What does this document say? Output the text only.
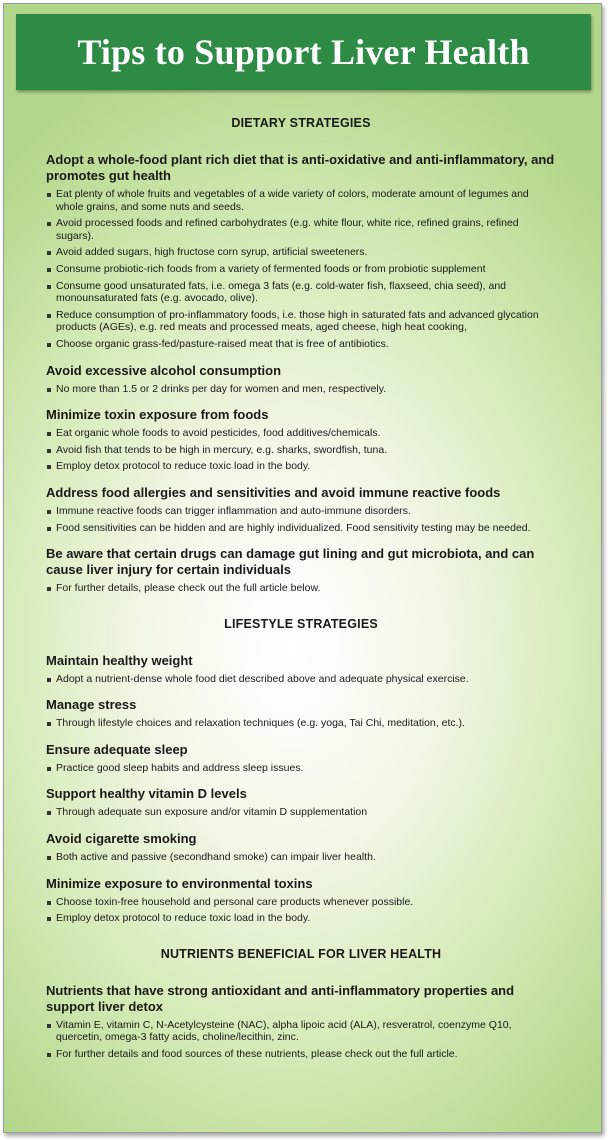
Tips to Support Liver Health
DIETARY STRATEGIES
Adopt a whole-food plant rich diet that is anti-oxidative and anti-inflammatory, and promotes gut health
Eat plenty of whole fruits and vegetables of a wide variety of colors, moderate amount of legumes and whole grains, and some nuts and seeds.
Avoid processed foods and refined carbohydrates (e.g. white flour, white rice, refined grains, refined sugars).
Avoid added sugars, high fructose corn syrup, artificial sweeteners.
Consume probiotic-rich foods from a variety of fermented foods or from probiotic supplement
Consume good unsaturated fats, i.e. omega 3 fats (e.g. cold-water fish, flaxseed, chia seed), and monounsaturated fats (e.g. avocado, olive).
Reduce consumption of pro-inflammatory foods, i.e. those high in saturated fats and advanced glycation products (AGEs), e.g. red meats and processed meats, aged cheese, high heat cooking,
Choose organic grass-fed/pasture-raised meat that is free of antibiotics.
Avoid excessive alcohol consumption
No more than 1.5 or 2 drinks per day for women and men, respectively.
Minimize toxin exposure from foods
Eat organic whole foods to avoid pesticides, food additives/chemicals.
Avoid fish that tends to be high in mercury, e.g. sharks, swordfish, tuna.
Employ detox protocol to reduce toxic load in the body.
Address food allergies and sensitivities and avoid immune reactive foods
Immune reactive foods can trigger inflammation and auto-immune disorders.
Food sensitivities can be hidden and are highly individualized. Food sensitivity testing may be needed.
Be aware that certain drugs can damage gut lining and gut microbiota, and can cause liver injury for certain individuals
For further details, please check out the full article below.
LIFESTYLE STRATEGIES
Maintain healthy weight
Adopt a nutrient-dense whole food diet described above and adequate physical exercise.
Manage stress
Through lifestyle choices and relaxation techniques (e.g. yoga, Tai Chi, meditation, etc.).
Ensure adequate sleep
Practice good sleep habits and address sleep issues.
Support healthy vitamin D levels
Through adequate sun exposure and/or vitamin D supplementation
Avoid cigarette smoking
Both active and passive (secondhand smoke) can impair liver health.
Minimize exposure to environmental toxins
Choose toxin-free household and personal care products whenever possible.
Employ detox protocol to reduce toxic load in the body.
NUTRIENTS BENEFICIAL FOR LIVER HEALTH
Nutrients that have strong antioxidant and anti-inflammatory properties and support liver detox
Vitamin E, vitamin C, N-Acetylcysteine (NAC), alpha lipoic acid (ALA), resveratrol, coenzyme Q10, quercetin, omega-3 fatty acids, choline/lecithin, zinc.
For further details and food sources of these nutrients, please check out the full article.
